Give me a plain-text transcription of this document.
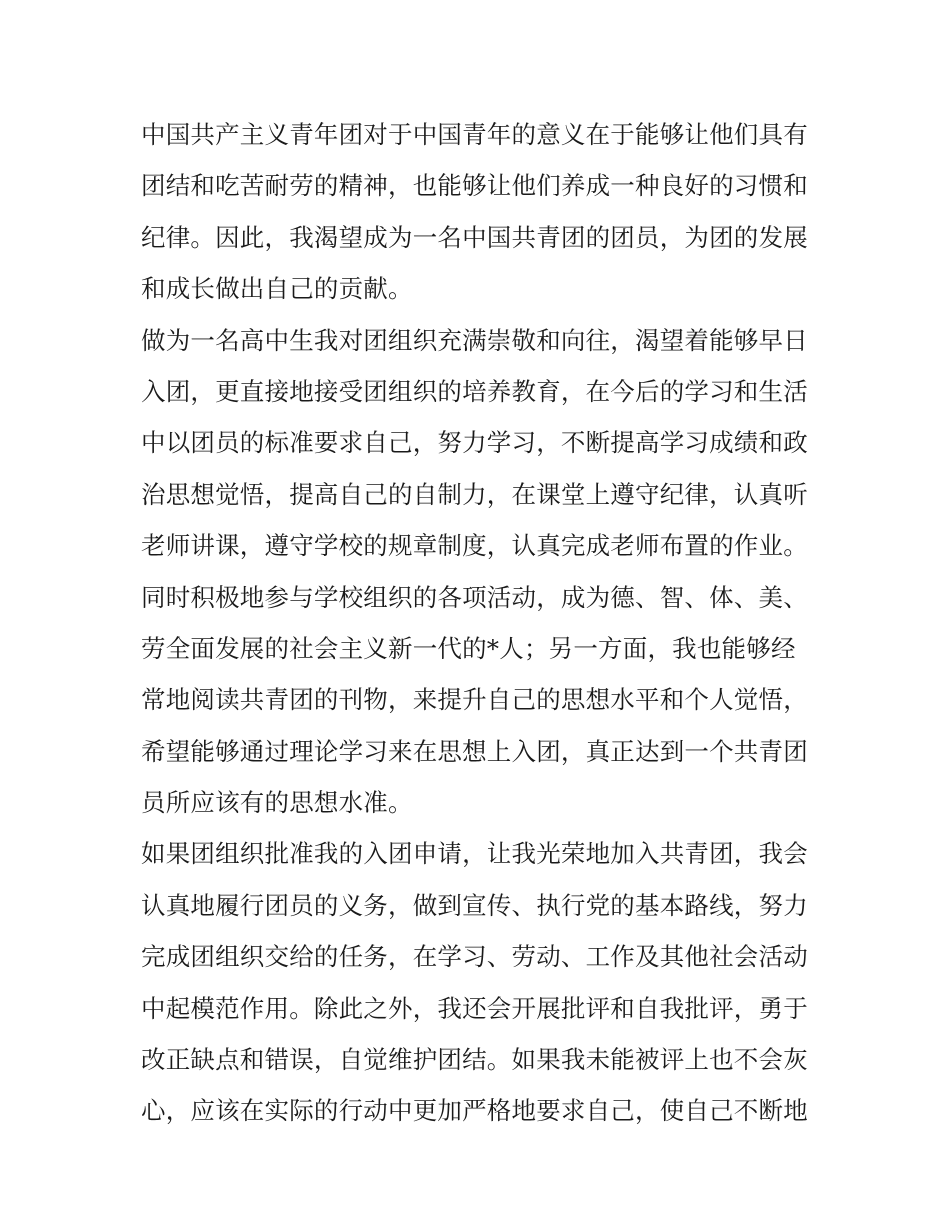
中国共产主义青年团对于中国青年的意义在于能够让他们具有
团结和吃苦耐劳的精神，也能够让他们养成一种良好的习惯和
纪律。因此，我渴望成为一名中国共青团的团员，为团的发展
和成长做出自己的贡献。
做为一名高中生我对团组织充满崇敬和向往，渴望着能够早日
入团，更直接地接受团组织的培养教育，在今后的学习和生活
中以团员的标准要求自己，努力学习，不断提高学习成绩和政
治思想觉悟，提高自己的自制力，在课堂上遵守纪律，认真听
老师讲课，遵守学校的规章制度，认真完成老师布置的作业。
同时积极地参与学校组织的各项活动，成为德、智、体、美、
劳全面发展的社会主义新一代的*人；另一方面，我也能够经
常地阅读共青团的刊物，来提升自己的思想水平和个人觉悟，
希望能够通过理论学习来在思想上入团，真正达到一个共青团
员所应该有的思想水准。
如果团组织批准我的入团申请，让我光荣地加入共青团，我会
认真地履行团员的义务，做到宣传、执行党的基本路线，努力
完成团组织交给的任务，在学习、劳动、工作及其他社会活动
中起模范作用。除此之外，我还会开展批评和自我批评，勇于
改正缺点和错误，自觉维护团结。如果我未能被评上也不会灰
心，应该在实际的行动中更加严格地要求自己，使自己不断地
